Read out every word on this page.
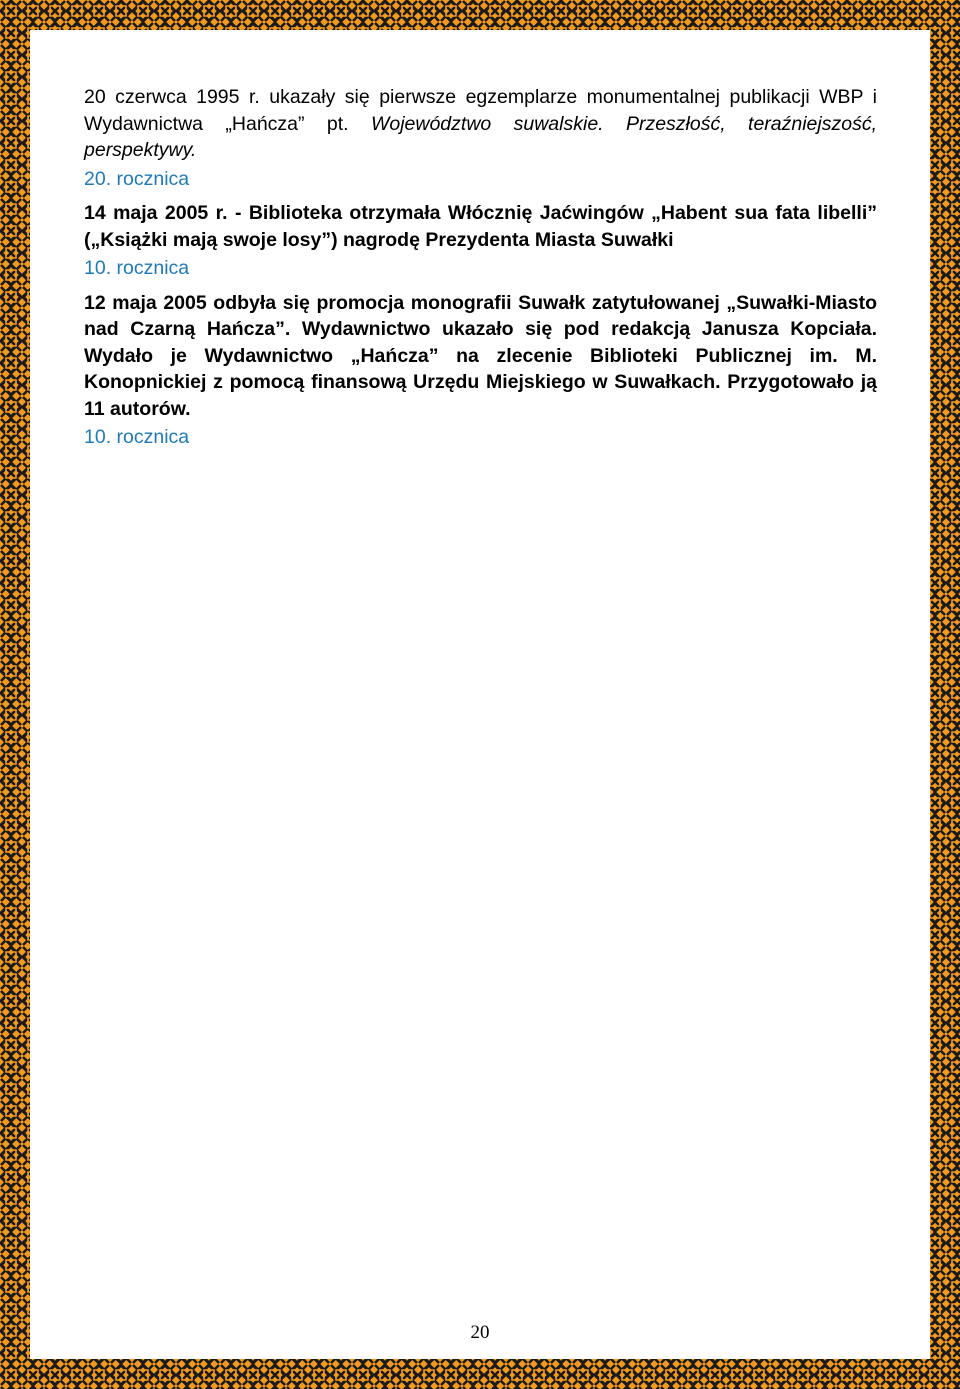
20 czerwca 1995 r. ukazały się pierwsze egzemplarze monumentalnej publikacji WBP i Wydawnictwa „Hańcza” pt. Województwo suwalskie. Przeszłość, teraźniejszość, perspektywy.

20. rocznica

14 maja 2005 r. - Biblioteka otrzymała Włócznię Jaćwingów „Habent sua fata libelli” („Książki mają swoje losy”) nagrodę Prezydenta Miasta Suwałki

10. rocznica

12 maja 2005 odbyła się promocja monografii Suwałk zatytułowanej „Suwałki-Miasto nad Czarną Hańcza”. Wydawnictwo ukazało się pod redakcją Janusza Kopciała. Wydało je Wydawnictwo „Hańcza” na zlecenie Biblioteki Publicznej im. M. Konopnickiej z pomocą finansową Urzędu Miejskiego w Suwałkach. Przygotowało ją 11 autorów.

10. rocznica
20
